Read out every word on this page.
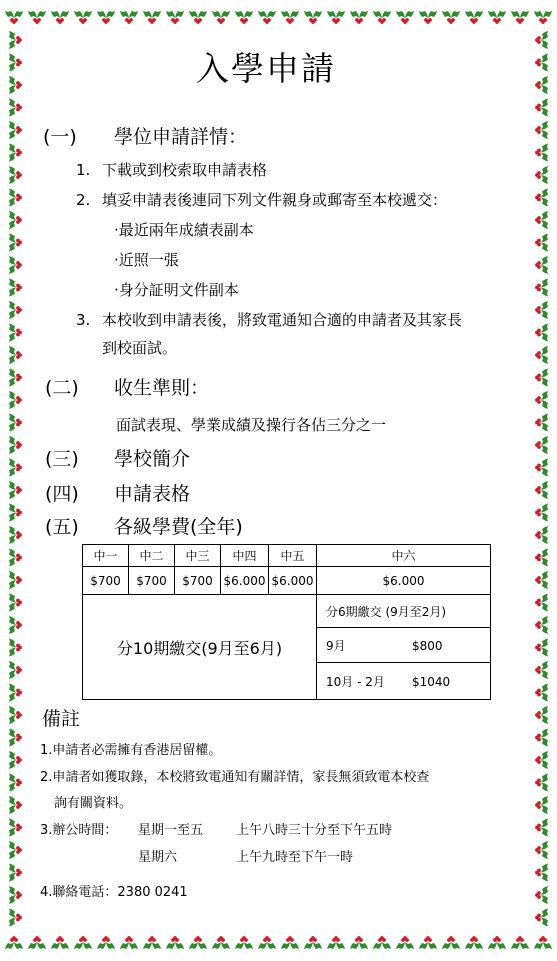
入學申請
(一) 學位申請詳情：
1. 下載或到校索取申請表格
2. 填妥申請表後連同下列文件親身或郵寄至本校遞交：
‧最近兩年成績表副本
‧近照一張
‧身分証明文件副本
3. 本校收到申請表後，將致電通知合適的申請者及其家長
到校面試。
(二) 收生準則：
面試表現、學業成績及操行各佔三分之一
(三) 學校簡介
(四) 申請表格
(五) 各級學費(全年)
中一	中二	中三	中四	中五	中六
$700	$700	$700	$6.000	$6.000	$6.000
分10期繳交(9月至6月)					分6期繳交 (9月至2月)
					9月 $800
					10月 - 2月 $1040
備註
1.申請者必需擁有香港居留權。
2.申請者如獲取錄，本校將致電通知有關詳情，家長無須致電本校查
詢有關資料。
3.辦公時間： 星期一至五	上午八時三十分至下午五時
星期六	上午九時至下午一時
4.聯絡電話：2380 0241
